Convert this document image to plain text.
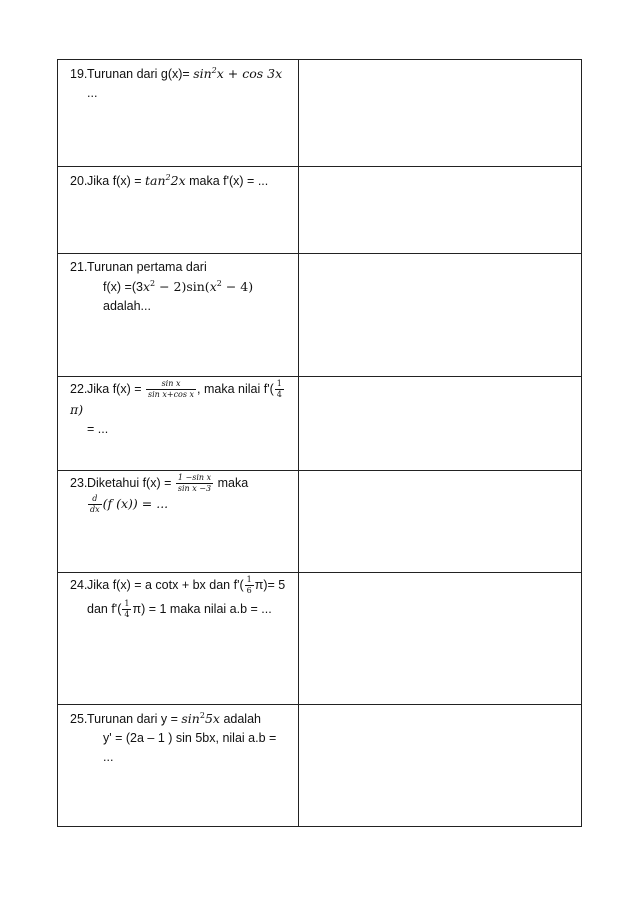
19.Turunan dari $g(x)= \sin^2x + \cos 3x$
...
20.Jika $f(x) = \tan^22x$ maka f'(x) = ...
21.Turunan pertama dari
$f(x) =(3x^2 - 2)\sin(x^2 - 4)$
adalah...
22.Jika $f(x) = \frac{\text{sin x}}{\text{sin x+cos x}}$ , maka nilai $f'( \frac{1}{4}$
π)
= ...
23.Diketahui $f(x) = \frac{\text{1 −sin x}}{\text{sin x −3}}$ maka
$\frac{d}{dx} (f$ (x)) = ...
24.Jika f(x) = a cotx + bx dan $f'( \frac{1}{6} \pi)= 5$
dan $f'( \frac{1}{4} \pi) = 1$ maka nilai a.b = ...
25.Turunan dari $y = \sin^25x$ adalah
y' = (2a – 1 ) sin 5bx, nilai a.b = ...
